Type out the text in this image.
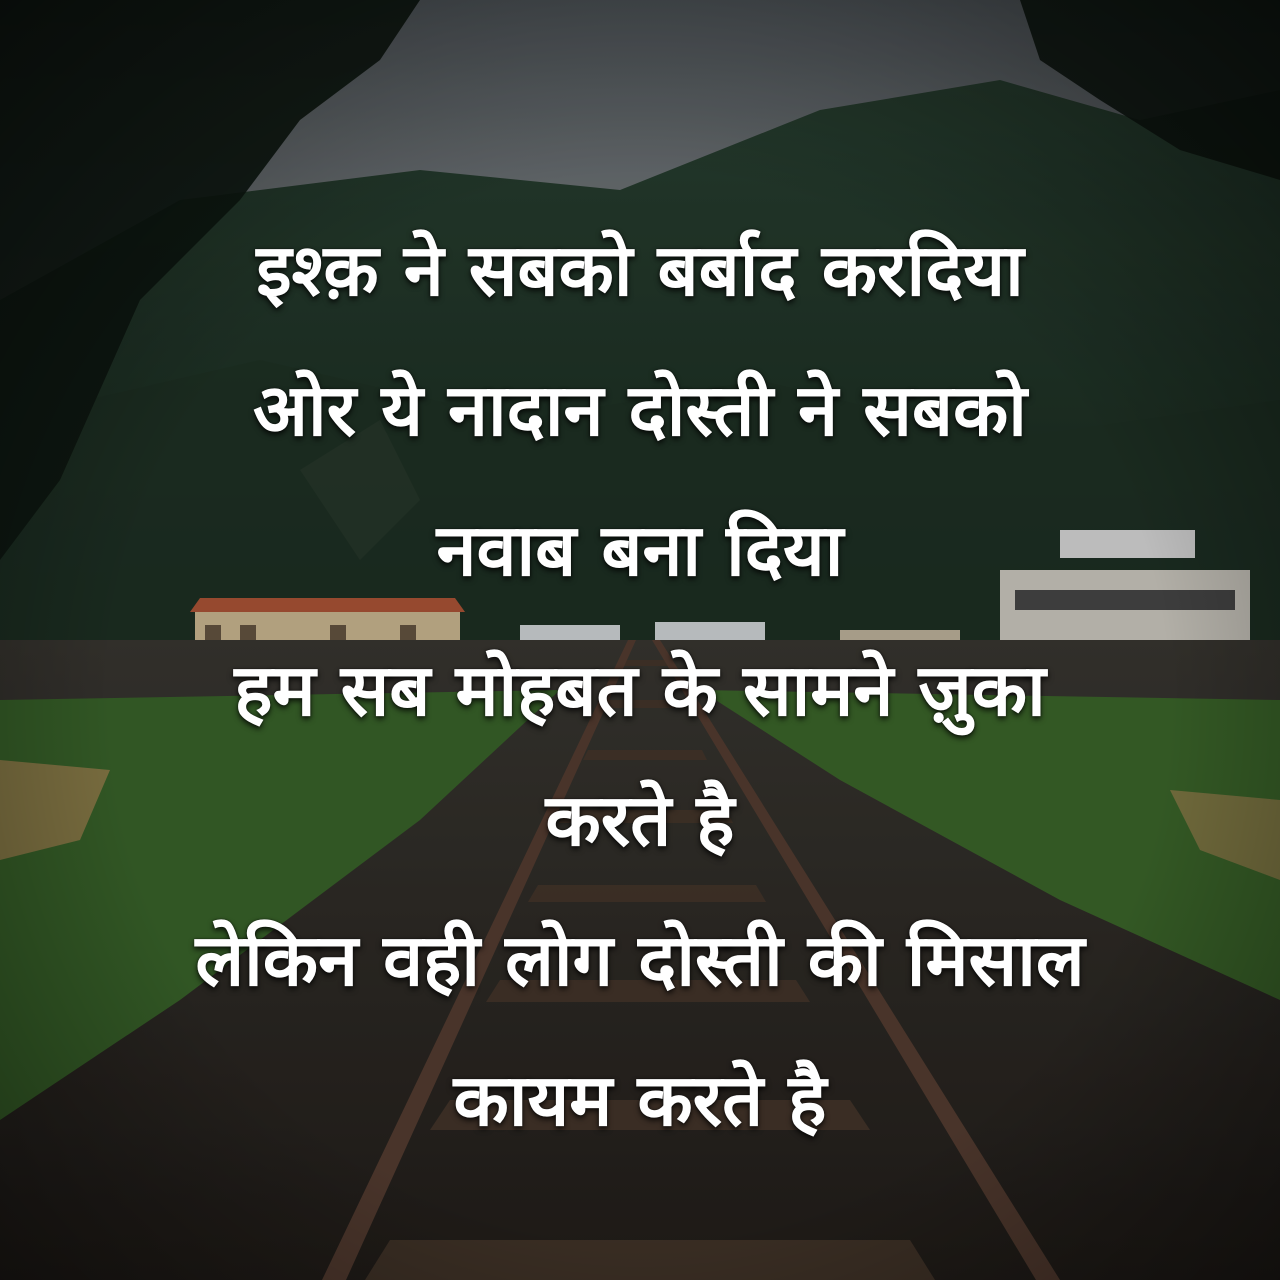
इश्क़ ने सबको बर्बाद करदिया
ओर ये नादान दोस्ती ने सबको
नवाब बना दिया
हम सब मोहबत के सामने ज़ुका
करते है
लेकिन वही लोग दोस्ती की मिसाल
कायम करते है
